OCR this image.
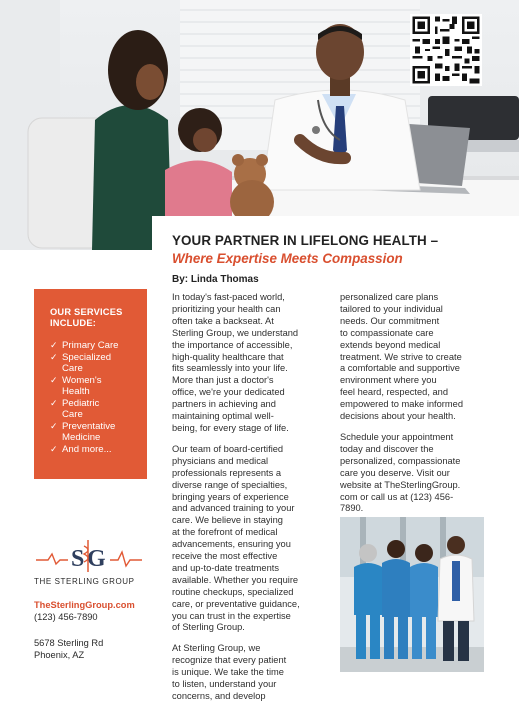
YOUR PARTNER IN LIFELONG HEALTH –
Where Expertise Meets Compassion
By: Linda Thomas
OUR SERVICES
INCLUDE:
✓ Primary Care
✓ Specialized
Care
✓ Women's
Health
✓ Pediatric
Care
✓ Preventative
Medicine
✓ And more...
S G
THE STERLING GROUP
TheSterlingGroup.com
(123) 456-7890
5678 Sterling Rd
Phoenix, AZ

In today's fast-paced world,
prioritizing your health can
often take a backseat. At
Sterling Group, we understand
the importance of accessible,
high-quality healthcare that
fits seamlessly into your life.
More than just a doctor's
office, we're your dedicated
partners in achieving and
maintaining optimal well-
being, for every stage of life.

Our team of board-certified
physicians and medical
professionals represents a
diverse range of specialties,
bringing years of experience
and advanced training to your
care. We believe in staying
at the forefront of medical
advancements, ensuring you
receive the most effective
and up-to-date treatments
available. Whether you require
routine checkups, specialized
care, or preventative guidance,
you can trust in the expertise
of Sterling Group.

At Sterling Group, we
recognize that every patient
is unique. We take the time
to listen, understand your
concerns, and develop

personalized care plans
tailored to your individual
needs. Our commitment
to compassionate care
extends beyond medical
treatment. We strive to create
a comfortable and supportive
environment where you
feel heard, respected, and
empowered to make informed
decisions about your health.

Schedule your appointment
today and discover the
personalized, compassionate
care you deserve. Visit our
website at TheSterlingGroup.
com or call us at (123) 456-
7890.
